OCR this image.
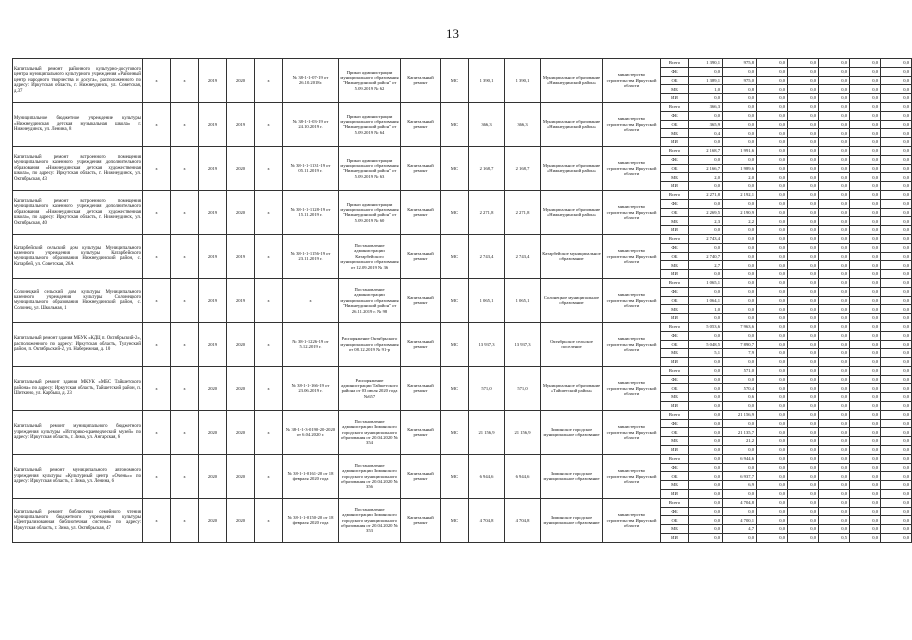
13
Капитальный ремонт районного культурно-досугового центра муниципального культурного учреждения «Районный центр народного творчества и досуга», расположенного по адресу: Иркутская область, г. Нижнеудинск, ул. Советская, д.37	х	х	2019	2020	х	№ 38-1-1-07-19 от 26.10.2018г.	Приказ администрации муниципального образования "Нижнеудинский район" от 5.09.2019 № 62	Капитальный ремонт	МС	1 390,1	1 390,1	Муниципальное образование «Нижнеудинский район»	министерство строительства Иркутской области	Всего	1 390,1	975,8	0,0	0,0	0,0	0,0	0,0
														ФБ	0,0	0,0	0,0	0,0	0,0	0,0	0,0
														ОБ	1 389,1	975,0	0,0	0,0	0,0	0,0	0,0
														МБ	1,0	0,8	0,0	0,0	0,0	0,0	0,0
														ИИ	0,0	0,0	0,0	0,0	0,0	0,0	0,0
Муниципальное бюджетное учреждение культуры «Нижнеудинская детская музыкальная школа» г. Нижнеудинск, ул. Ленина, 8	х	х	2019	2019	х	№ 38-1-1-03-19 от 24.10.2019 г.	Приказ администрации муниципального образования "Нижнеудинский район" от 5.09.2019 № 64	Капитальный ремонт	МС	366,3	366,3	Муниципальное образование «Нижнеудинский район»	министерство строительства Иркутской области	Всего	366,3	0,0	0,0	0,0	0,0	0,0	0,0
														ФБ	0,0	0,0	0,0	0,0	0,0	0,0	0,0
														ОБ	365,9	0,0	0,0	0,0	0,0	0,0	0,0
														МБ	0,4	0,0	0,0	0,0	0,0	0,0	0,0
														ИИ	0,0	0,0	0,0	0,0	0,0	0,0	0,0
Капитальный ремонт встроенного помещения муниципального казенного учреждения дополнительного образования «Нижнеудинская детская художественная школа», по адресу: Иркутская область, г. Нижнеудинск, ул. Октябрьская, 43	х	х	2019	2020	х	№ 38-1-1-1131-19 от 05.11.2019 г.	Приказ администрации муниципального образования "Нижнеудинский район" от 5.09.2019 № 63	Капитальный ремонт	МС	2 168,7	2 168,7	Муниципальное образование «Нижнеудинский район»	министерство строительства Иркутской области	Всего	2 168,7	1 991,6	0,0	0,0	0,0	0,0	0,0
														ФБ	0,0	0,0	0,0	0,0	0,0	0,0	0,0
														ОБ	2 166,7	1 989,6	0,0	0,0	0,0	0,0	0,0
														МБ	2,0	2,0	0,0	0,0	0,0	0,0	0,0
														ИИ	0,0	0,0	0,0	0,0	0,0	0,0	0,0
Капитальный ремонт встроенного помещения муниципального казенного учреждения дополнительного образования «Нижнеудинская детская художественная школа», по адресу: Иркутская область, г. Нижнеудинск, ул. Октябрьская, 40	х	х	2019	2020	х	№ 38-1-1-1128-19 от 15.11.2019 г.	Приказ администрации муниципального образования "Нижнеудинский район" от 5.09.2019 № 60	Капитальный ремонт	МС	2 271,8	2 271,8	Муниципальное образование «Нижнеудинский район»	министерство строительства Иркутской области	Всего	2 271,8	2 192,1	0,0	0,0	0,0	0,0	0,0
														ФБ	0,0	0,0	0,0	0,0	0,0	0,0	0,0
														ОБ	2 269,5	2 190,9	0,0	0,0	0,0	0,0	0,0
														МБ	2,3	2,2	0,0	0,0	0,0	0,0	0,0
														ИИ	0,0	0,0	0,0	0,0	0,0	0,0	0,0
Катарбейский сельский дом культуры Муниципального казенного учреждения культуры Катарбейского муниципального образования Нижнеудинский район, с. Катарбей, ул. Советская, 26А	х	х	2019	2019	х	№ 38-1-1-1156-19 от 23.11.2019 г.	Постановление администрации Катарбейского муниципального образования от 12.09.2019 № 36	Капитальный ремонт	МС	2 743,4	2 743,4	Катарбейское муниципальное образование	министерство строительства Иркутской области	Всего	2 743,4	0,0	0,0	0,0	0,0	0,0	0,0
														ФБ	0,0	0,0	0,0	0,0	0,0	0,0	0,0
														ОБ	2 740,7	0,0	0,0	0,0	0,0	0,0	0,0
														МБ	2,7	0,0	0,0	0,0	0,0	0,0	0,0
														ИИ	0,0	0,0	0,0	0,0	0,0	0,0	0,0
Солонецкий сельский дом культуры Муниципального казенного учреждения культуры Солонецкого муниципального образования Нижнеудинский район, с. Солонец, ул. Школьная, 1	х	х	2019	2019	х	х	Постановление администрации муниципального образования "Нижнеудинский район" от 26.11.2019 г. № 98	Капитальный ремонт	МС	1 065,1	1 065,1	Солонецкое муниципальное образование	министерство строительства Иркутской области	Всего	1 065,1	0,0	0,0	0,0	0,0	0,0	0,0
														ФБ	0,0	0,0	0,0	0,0	0,0	0,0	0,0
														ОБ	1 064,1	0,0	0,0	0,0	0,0	0,0	0,0
														МБ	1,0	0,0	0,0	0,0	0,0	0,0	0,0
														ИИ	0,0	0,0	0,0	0,0	0,0	0,0	0,0
Капитальный ремонт здания МБУК «КДЦ п. Октябрьский-2», расположенного по адресу: Иркутская область, Тулунский район, п. Октябрьский-2, ул. Набережная, д. 10	х	х	2019	2020	х	№ 38-1-1226-19 от 5.12.2019 г.	Распоряжение Октябрьского муниципального образования от 08.12.2019 № 91-р	Капитальный ремонт	МС	13 937,3	13 937,3	Октябрьское сельское поселение	министерство строительства Иркутской области	Всего	5 053,6	7 963,6	0,0	0,0	0,0	0,0	0,0
														ФБ	0,0	0,0	0,0	0,0	0,0	0,0	0,0
														ОБ	5 048,5	7 890,7	0,0	0,0	0,0	0,0	0,0
														МБ	5,1	7,9	0,0	0,0	0,0	0,0	0,0
														ИИ	0,0	0,0	0,0	0,0	0,0	0,0	0,0
Капитальный ремонт здания МКУК «МБС Тайшетского района» по адресу: Иркутская область, Тайшетский район, п. Шиткино, ул. Карбыш, д. 23	х	х	2020	2020	х	№ 38-1-1-166-19 от 23.06.2019 г.	Распоряжение администрации Тайшетского района от 03 июля 2020 года №657	Капитальный ремонт	МС	571,0	571,0	Муниципальное образование «Тайшетский район»	министерство строительства Иркутской области	Всего	0,0	571,0	0,0	0,0	0,0	0,0	0,0
														ФБ	0,0	0,0	0,0	0,0	0,0	0,0	0,0
														ОБ	0,0	570,4	0,0	0,0	0,0	0,0	0,0
														МБ	0,0	0,6	0,0	0,0	0,0	0,0	0,0
														ИИ	0,0	0,0	0,0	0,0	0,0	0,0	0,0
Капитальный ремонт муниципального бюджетного учреждения культуры «Историко-краеведческий музей» по адресу: Иркутская область, г. Зима, ул. Ангарская, 6	х	х	2020	2020	х	№ 38-1-1-3-0190-20-2020 от 6.04.2020 г.	Постановление администрации Зиминского городского муниципального образования от 20.04.2020 № 354	Капитальный ремонт	МС	21 156,9	21 156,9	Зиминское городское муниципальное образование	министерство строительства Иркутской области	Всего	0,0	21 156,9	0,0	0,0	0,0	0,0	0,0
														ФБ	0,0	0,0	0,0	0,0	0,0	0,0	0,0
														ОБ	0,0	21 135,7	0,0	0,0	0,0	0,0	0,0
														МБ	0,0	21,2	0,0	0,0	0,0	0,0	0,0
														ИИ	0,0	0,0	0,0	0,0	0,0	0,0	0,0
Капитальный ремонт муниципального автономного учреждения культуры «Культурный центр «Очень»» по адресу: Иркутская область, г. Зима, ул. Ленина, 6	х	х	2020	2020	х	№ 38-1-1-0161-20 от 18 февраля 2020 года	Постановление администрации Зиминского городского муниципального образования от 20.04.2020 № 356	Капитальный ремонт	МС	6 944,6	6 944,6	Зиминское городское муниципальное образование	министерство строительства Иркутской области	Всего	0,0	6 944,6	0,0	0,0	0,0	0,0	0,0
														ФБ	0,0	0,0	0,0	0,0	0,0	0,0	0,0
														ОБ	0,0	6 937,7	0,0	0,0	0,0	0,0	0,0
														МБ	0,0	6,9	0,0	0,0	0,0	0,0	0,0
														ИИ	0,0	0,0	0,0	0,0	0,0	0,0	0,0
Капитальный ремонт библиотеки семейного чтения муниципального бюджетного учреждения культуры «Централизованная библиотечная система» по адресу: Иркутская область, г. Зима, ул. Октябрьская, 47	х	х	2020	2020	х	№ 38-1-1-0150-20 от 18 февраля 2020 года	Постановление администрации Зиминского городского муниципального образования от 20.04.2020 № 353	Капитальный ремонт	МС	4 704,8	4 704,8	Зиминское городское муниципальное образование	министерство строительства Иркутской области	Всего	0,0	4 704,8	0,0	0,0	0,0	0,0	0,0
														ФБ	0,0	0,0	0,0	0,0	0,0	0,0	0,0
														ОБ	0,0	4 700,1	0,0	0,0	0,0	0,0	0,0
														МБ	0,0	4,7	0,0	0,0	0,0	0,0	0,0
														ИИ	0,0	0,0	0,0	0,0	0,5	0,0	0,0
